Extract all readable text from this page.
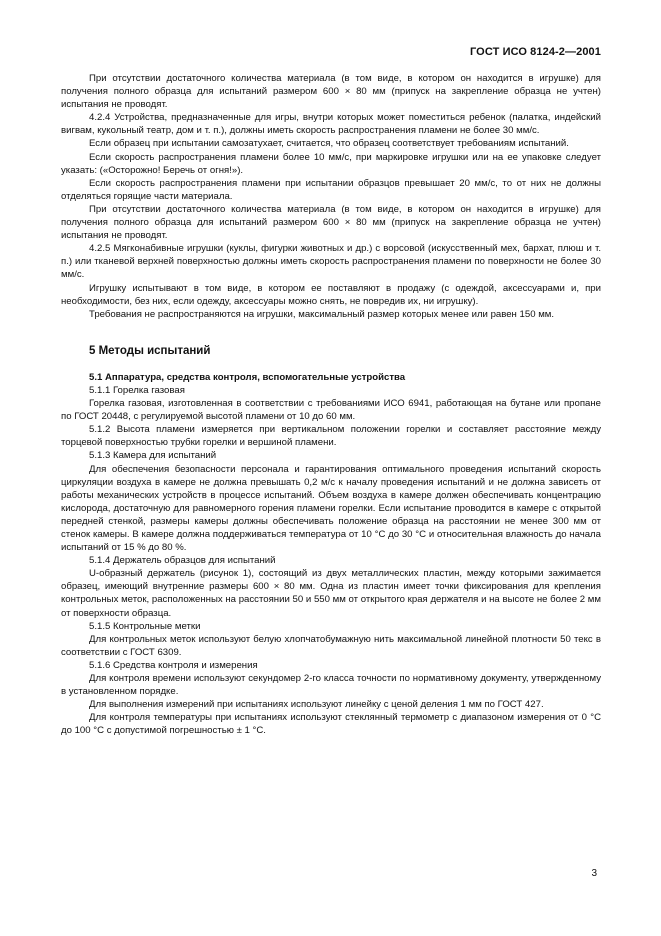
ГОСТ ИСО 8124-2—2001

При отсутствии достаточного количества материала (в том виде, в котором он находится в игрушке) для получения полного образца для испытаний размером 600 × 80 мм (припуск на закрепление образца не учтен) испытания не проводят.

4.2.4 Устройства, предназначенные для игры, внутри которых может поместиться ребенок (палатка, индейский вигвам, кукольный театр, дом и т. п.), должны иметь скорость распространения пламени не более 30 мм/с.

Если образец при испытании самозатухает, считается, что образец соответствует требованиям испытаний.

Если скорость распространения пламени более 10 мм/с, при маркировке игрушки или на ее упаковке следует указать: («Осторожно! Беречь от огня!»).

Если скорость распространения пламени при испытании образцов превышает 20 мм/с, то от них не должны отделяться горящие части материала.

При отсутствии достаточного количества материала (в том виде, в котором он находится в игрушке) для получения полного образца для испытаний размером 600 × 80 мм (припуск на закрепление образца не учтен) испытания не проводят.

4.2.5 Мягконабивные игрушки (куклы, фигурки животных и др.) с ворсовой (искусственный мех, бархат, плюш и т. п.) или тканевой верхней поверхностью должны иметь скорость распространения пламени по поверхности не более 30 мм/с.

Игрушку испытывают в том виде, в котором ее поставляют в продажу (с одеждой, аксессуарами и, при необходимости, без них, если одежду, аксессуары можно снять, не повредив их, ни игрушку).

Требования не распространяются на игрушки, максимальный размер которых менее или равен 150 мм.

5 Методы испытаний

5.1 Аппаратура, средства контроля, вспомогательные устройства

5.1.1 Горелка газовая

Горелка газовая, изготовленная в соответствии с требованиями ИСО 6941, работающая на бутане или пропане по ГОСТ 20448, с регулируемой высотой пламени от 10 до 60 мм.

5.1.2 Высота пламени измеряется при вертикальном положении горелки и составляет расстояние между торцевой поверхностью трубки горелки и вершиной пламени.

5.1.3 Камера для испытаний

Для обеспечения безопасности персонала и гарантирования оптимального проведения испытаний скорость циркуляции воздуха в камере не должна превышать 0,2 м/с к началу проведения испытаний и не должна зависеть от работы механических устройств в процессе испытаний. Объем воздуха в камере должен обеспечивать концентрацию кислорода, достаточную для равномерного горения пламени горелки. Если испытание проводится в камере с открытой передней стенкой, размеры камеры должны обеспечивать положение образца на расстоянии не менее 300 мм от стенок камеры. В камере должна поддерживаться температура от 10 °С до 30 °С и относительная влажность до начала испытаний от 15 % до 80 %.

5.1.4 Держатель образцов для испытаний

U-образный держатель (рисунок 1), состоящий из двух металлических пластин, между которыми зажимается образец, имеющий внутренние размеры 600 × 80 мм. Одна из пластин имеет точки фиксирования для крепления контрольных меток, расположенных на расстоянии 50 и 550 мм от открытого края держателя и на высоте не более 2 мм от поверхности образца.

5.1.5 Контрольные метки

Для контрольных меток используют белую хлопчатобумажную нить максимальной линейной плотности 50 текс в соответствии с ГОСТ 6309.

5.1.6 Средства контроля и измерения

Для контроля времени используют секундомер 2-го класса точности по нормативному документу, утвержденному в установленном порядке.

Для выполнения измерений при испытаниях используют линейку с ценой деления 1 мм по ГОСТ 427.

Для контроля температуры при испытаниях используют стеклянный термометр с диапазоном измерения от 0 °С до 100 °С с допустимой погрешностью ± 1 °С.

3
